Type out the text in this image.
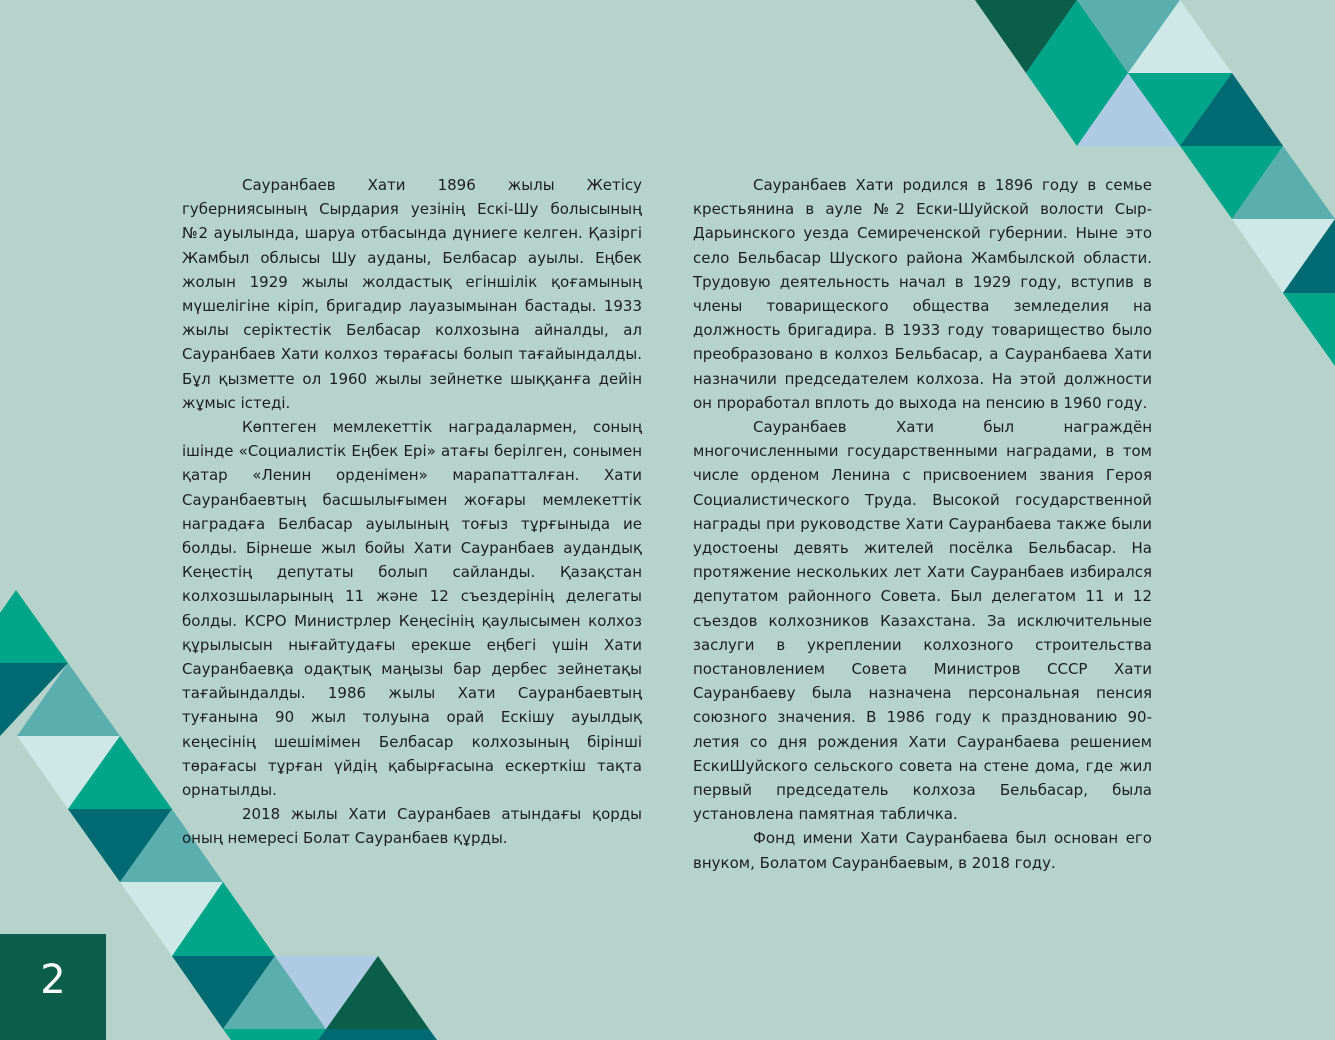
Сауранбаев Хати 1896 жылы Жетісу губерниясының Сырдария уезінің Ескі-Шу болысының №2 ауылында, шаруа отбасында дүниеге келген. Қазіргі Жамбыл облысы Шу ауданы, Белбасар ауылы. Еңбек жолын 1929 жылы жолдастық егіншілік қоғамының мүшелігіне кіріп, бригадир лауазымынан бастады. 1933 жылы серіктестік Белбасар колхозына айналды, ал Сауранбаев Хати колхоз төрағасы болып тағайындалды. Бұл қызметте ол 1960 жылы зейнетке шыққанға дейін жұмыс істеді.

Көптеген мемлекеттік наградалармен, соның ішінде «Социалистік Еңбек Ері» атағы берілген, сонымен қатар «Ленин орденімен» марапатталған. Хати Сауранбаевтың басшылығымен жоғары мемлекеттік наградаға Белбасар ауылының тоғыз тұрғыныда ие болды. Бірнеше жыл бойы Хати Сауранбаев аудандық Кеңестің депутаты болып сайланды. Қазақстан колхозшыларының 11 және 12 съездерінің делегаты болды. КСРО Министрлер Кеңесінің қаулысымен колхоз құрылысын нығайтудағы ерекше еңбегі үшін Хати Сауранбаевқа одақтық маңызы бар дербес зейнетақы тағайындалды. 1986 жылы Хати Сауранбаевтың туғанына 90 жыл толуына орай Ескішу ауылдық кеңесінің шешімімен Белбасар колхозының бірінші төрағасы тұрған үйдің қабырғасына ескерткіш тақта орнатылды.

2018 жылы Хати Сауранбаев атындағы қорды оның немересі Болат Сауранбаев құрды.

Сауранбаев Хати родился в 1896 году в семье крестьянина в ауле №2 Ески-Шуйской волости Сыр-Дарьинского уезда Семиреченской губернии. Ныне это село Бельбасар Шуского района Жамбылской области. Трудовую деятельность начал в 1929 году, вступив в члены товарищеского общества земледелия на должность бригадира. В 1933 году товарищество было преобразовано в колхоз Бельбасар, а Сауранбаева Хати назначили председателем колхоза. На этой должности он проработал вплоть до выхода на пенсию в 1960 году.

Сауранбаев Хати был награждён многочисленными государственными наградами, в том числе орденом Ленина с присвоением звания Героя Социалистического Труда. Высокой государственной награды при руководстве Хати Сауранбаева также были удостоены девять жителей посёлка Бельбасар. На протяжение нескольких лет Хати Сауранбаев избирался депутатом районного Совета. Был делегатом 11 и 12 съездов колхозников Казахстана. За исключительные заслуги в укреплении колхозного строительства постановлением Совета Министров СССР Хати Сауранбаеву была назначена персональная пенсия союзного значения. В 1986 году к празднованию 90-летия со дня рождения Хати Сауранбаева решением ЕскиШуйского сельского совета на стене дома, где жил первый председатель колхоза Бельбасар, была установлена памятная табличка.

Фонд имени Хати Сауранбаева был основан его внуком, Болатом Сауранбаевым, в 2018 году.

2
